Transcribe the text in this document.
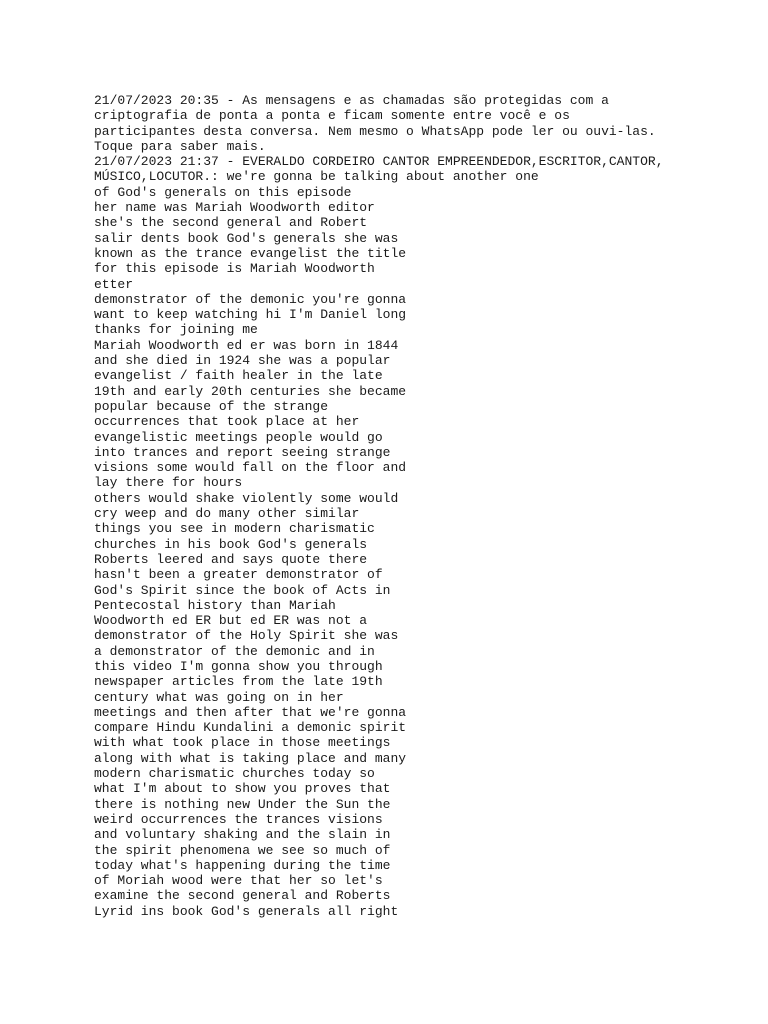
21/07/2023 20:35 - As mensagens e as chamadas são protegidas com a
criptografia de ponta a ponta e ficam somente entre você e os
participantes desta conversa. Nem mesmo o WhatsApp pode ler ou ouvi-las.
Toque para saber mais.
21/07/2023 21:37 - EVERALDO CORDEIRO CANTOR EMPREENDEDOR,ESCRITOR,CANTOR,
MÚSICO,LOCUTOR.: we're gonna be talking about another one
of God's generals on this episode
her name was Mariah Woodworth editor
she's the second general and Robert
salir dents book God's generals she was
known as the trance evangelist the title
for this episode is Mariah Woodworth
etter
demonstrator of the demonic you're gonna
want to keep watching hi I'm Daniel long
thanks for joining me
Mariah Woodworth ed er was born in 1844
and she died in 1924 she was a popular
evangelist / faith healer in the late
19th and early 20th centuries she became
popular because of the strange
occurrences that took place at her
evangelistic meetings people would go
into trances and report seeing strange
visions some would fall on the floor and
lay there for hours
others would shake violently some would
cry weep and do many other similar
things you see in modern charismatic
churches in his book God's generals
Roberts leered and says quote there
hasn't been a greater demonstrator of
God's Spirit since the book of Acts in
Pentecostal history than Mariah
Woodworth ed ER but ed ER was not a
demonstrator of the Holy Spirit she was
a demonstrator of the demonic and in
this video I'm gonna show you through
newspaper articles from the late 19th
century what was going on in her
meetings and then after that we're gonna
compare Hindu Kundalini a demonic spirit
with what took place in those meetings
along with what is taking place and many
modern charismatic churches today so
what I'm about to show you proves that
there is nothing new Under the Sun the
weird occurrences the trances visions
and voluntary shaking and the slain in
the spirit phenomena we see so much of
today what's happening during the time
of Moriah wood were that her so let's
examine the second general and Roberts
Lyrid ins book God's generals all right
